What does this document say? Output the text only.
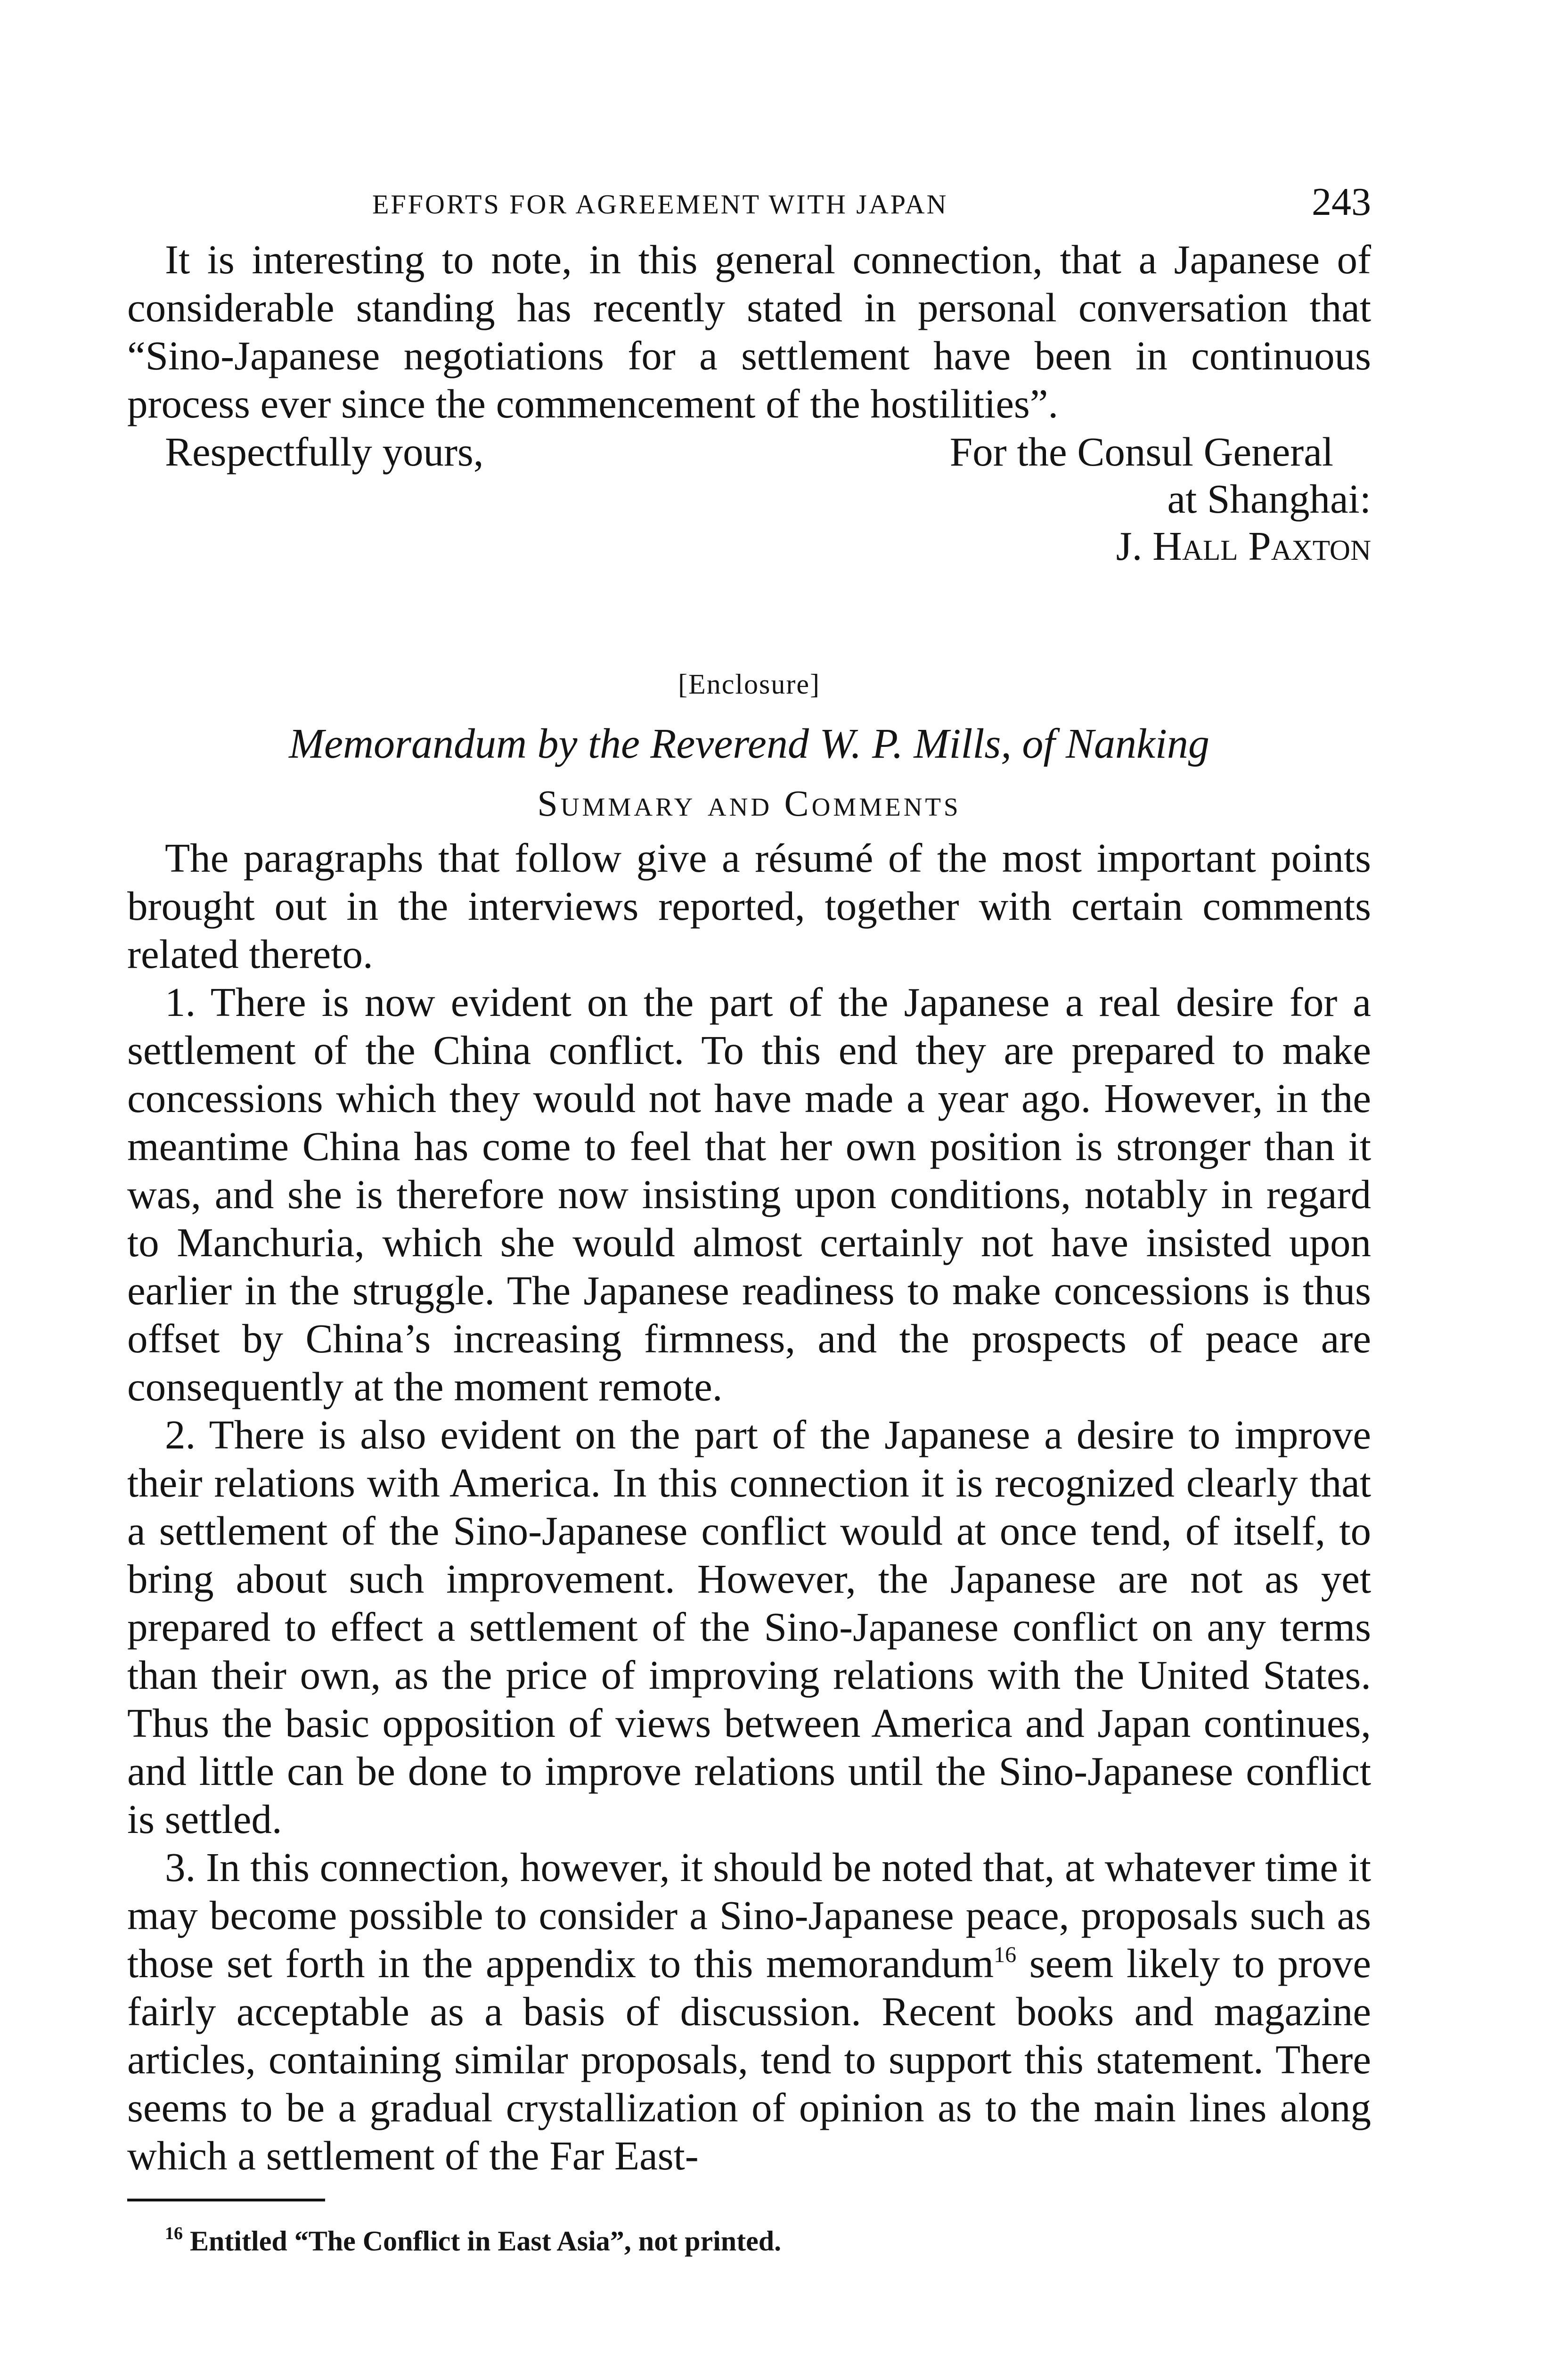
EFFORTS FOR AGREEMENT WITH JAPAN	243

It is interesting to note, in this general connection, that a Japanese of considerable standing has recently stated in personal conversation that “Sino-Japanese negotiations for a settlement have been in continuous process ever since the commencement of the hostilities”.

Respectfully yours,	For the Consul General
at Shanghai:
J. Hall Paxton
[Enclosure]
Memorandum by the Reverend W. P. Mills, of Nanking
Summary and Comments

The paragraphs that follow give a résumé of the most important points brought out in the interviews reported, together with certain comments related thereto.

1. There is now evident on the part of the Japanese a real desire for a settlement of the China conflict. To this end they are prepared to make concessions which they would not have made a year ago. However, in the meantime China has come to feel that her own position is stronger than it was, and she is therefore now insisting upon conditions, notably in regard to Manchuria, which she would almost certainly not have insisted upon earlier in the struggle. The Japanese readiness to make concessions is thus offset by China’s increasing firmness, and the prospects of peace are consequently at the moment remote.

2. There is also evident on the part of the Japanese a desire to improve their relations with America. In this connection it is recognized clearly that a settlement of the Sino-Japanese conflict would at once tend, of itself, to bring about such improvement. However, the Japanese are not as yet prepared to effect a settlement of the Sino-Japanese conflict on any terms than their own, as the price of improving relations with the United States. Thus the basic opposition of views between America and Japan continues, and little can be done to improve relations until the Sino-Japanese conflict is settled.

3. In this connection, however, it should be noted that, at whatever time it may become possible to consider a Sino-Japanese peace, proposals such as those set forth in the appendix to this memorandum$^{16}$ seem likely to prove fairly acceptable as a basis of discussion. Recent books and magazine articles, containing similar proposals, tend to support this statement. There seems to be a gradual crystallization of opinion as to the main lines along which a settlement of the Far East-

$^{16}$ Entitled “The Conflict in East Asia”, not printed.
